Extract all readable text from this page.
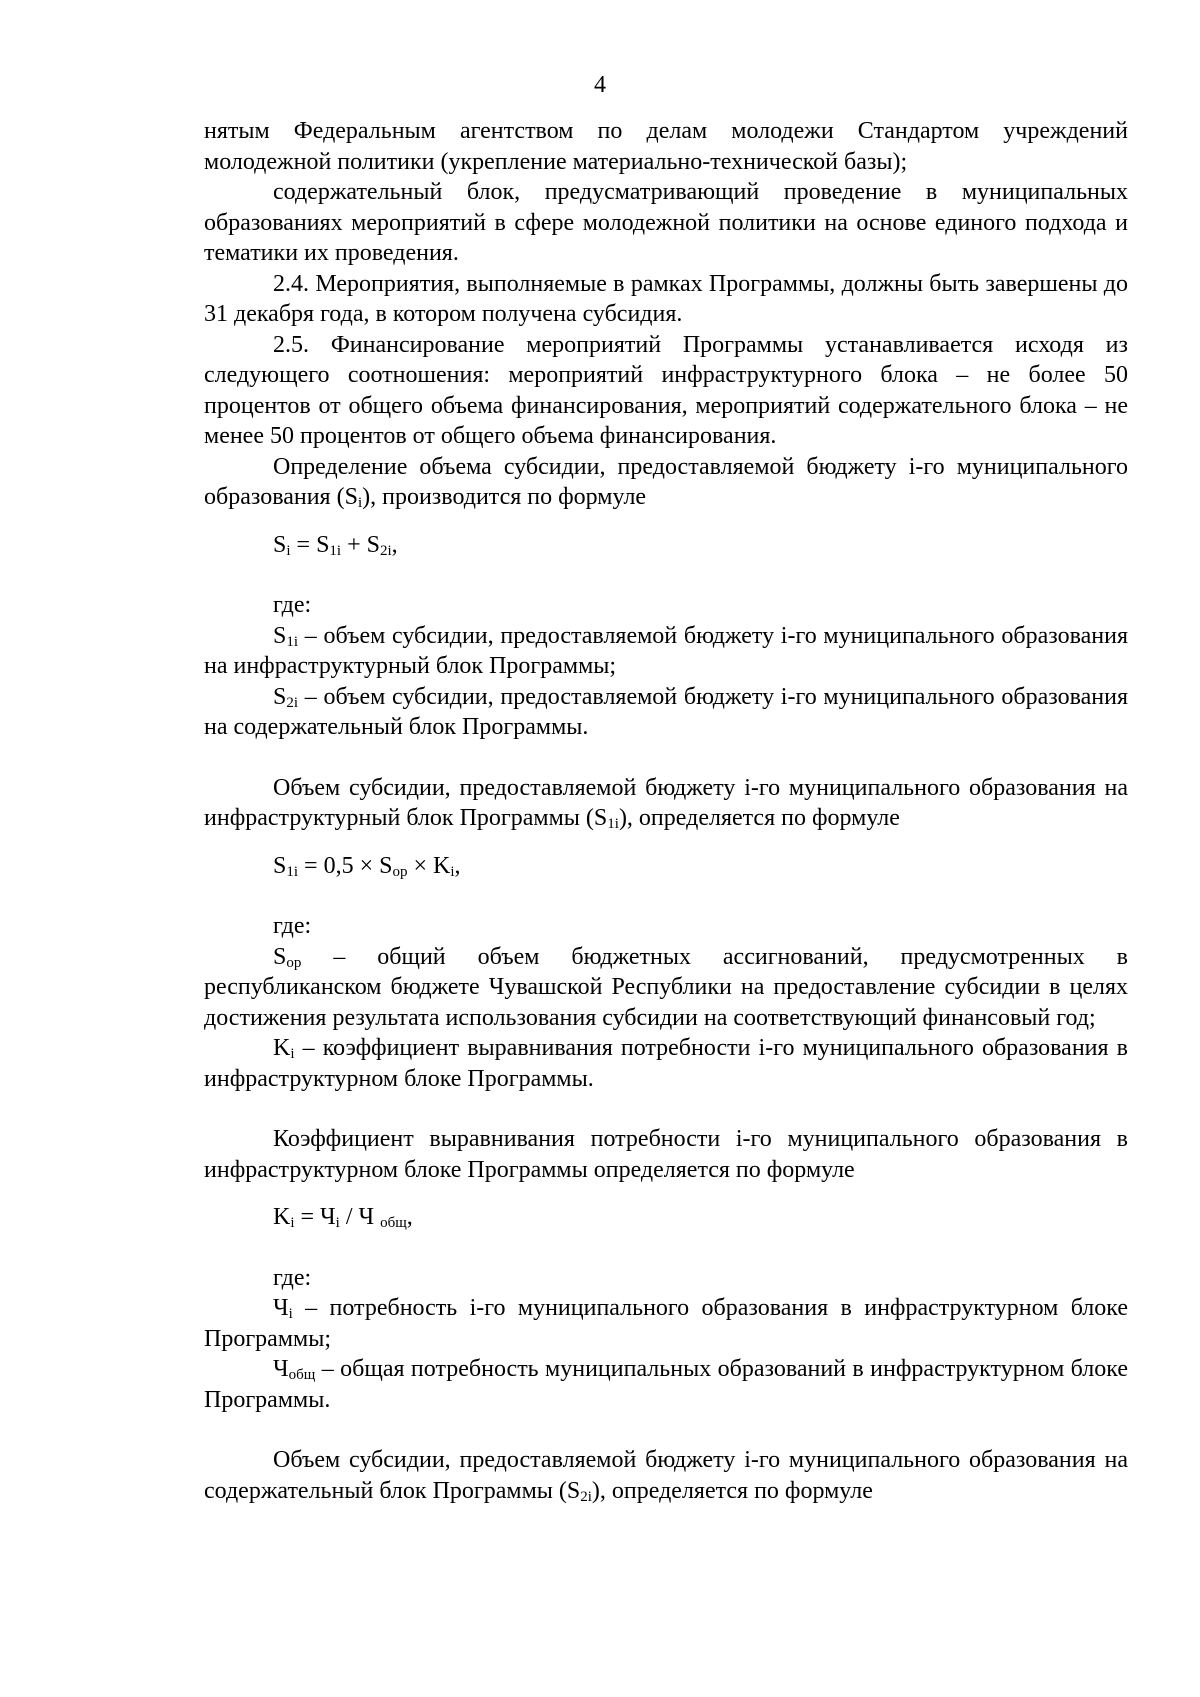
4

нятым Федеральным агентством по делам молодежи Стандартом учреждений молодежной политики (укрепление материально-технической базы);

содержательный блок, предусматривающий проведение в муниципальных образованиях мероприятий в сфере молодежной политики на основе единого подхода и тематики их проведения.

2.4. Мероприятия, выполняемые в рамках Программы, должны быть завершены до 31 декабря года, в котором получена субсидия.

2.5. Финансирование мероприятий Программы устанавливается исходя из следующего соотношения: мероприятий инфраструктурного блока – не более 50 процентов от общего объема финансирования, мероприятий содержательного блока – не менее 50 процентов от общего объема финансирования.

Определение объема субсидии, предоставляемой бюджету i-го муниципального образования $(S_i)$, производится по формуле

$S_i = S_{1i} + S_{2i}$,

где:

$S_{1i}$ – объем субсидии, предоставляемой бюджету i-го муниципального образования на инфраструктурный блок Программы;

$S_{2i}$ – объем субсидии, предоставляемой бюджету i-го муниципального образования на содержательный блок Программы.

Объем субсидии, предоставляемой бюджету i-го муниципального образования на инфраструктурный блок Программы $(S_{1i})$, определяется по формуле

$S_{1i} = 0,5 \times S_{op} \times K_i$,

где:

$S_{op}$ – общий объем бюджетных ассигнований, предусмотренных в республиканском бюджете Чувашской Республики на предоставление субсидии в целях достижения результата использования субсидии на соответствующий финансовый год;

$K_i$ – коэффициент выравнивания потребности i-го муниципального образования в инфраструктурном блоке Программы.

Коэффициент выравнивания потребности i-го муниципального образования в инфраструктурном блоке Программы определяется по формуле

$K_i = Ч_i / Ч$ $_{общ}$,

где:

$Ч_i$ – потребность i-го муниципального образования в инфраструктурном блоке Программы;

$Ч_{общ}$ – общая потребность муниципальных образований в инфраструктурном блоке Программы.

Объем субсидии, предоставляемой бюджету i-го муниципального образования на содержательный блок Программы $(S_{2i})$, определяется по формуле
